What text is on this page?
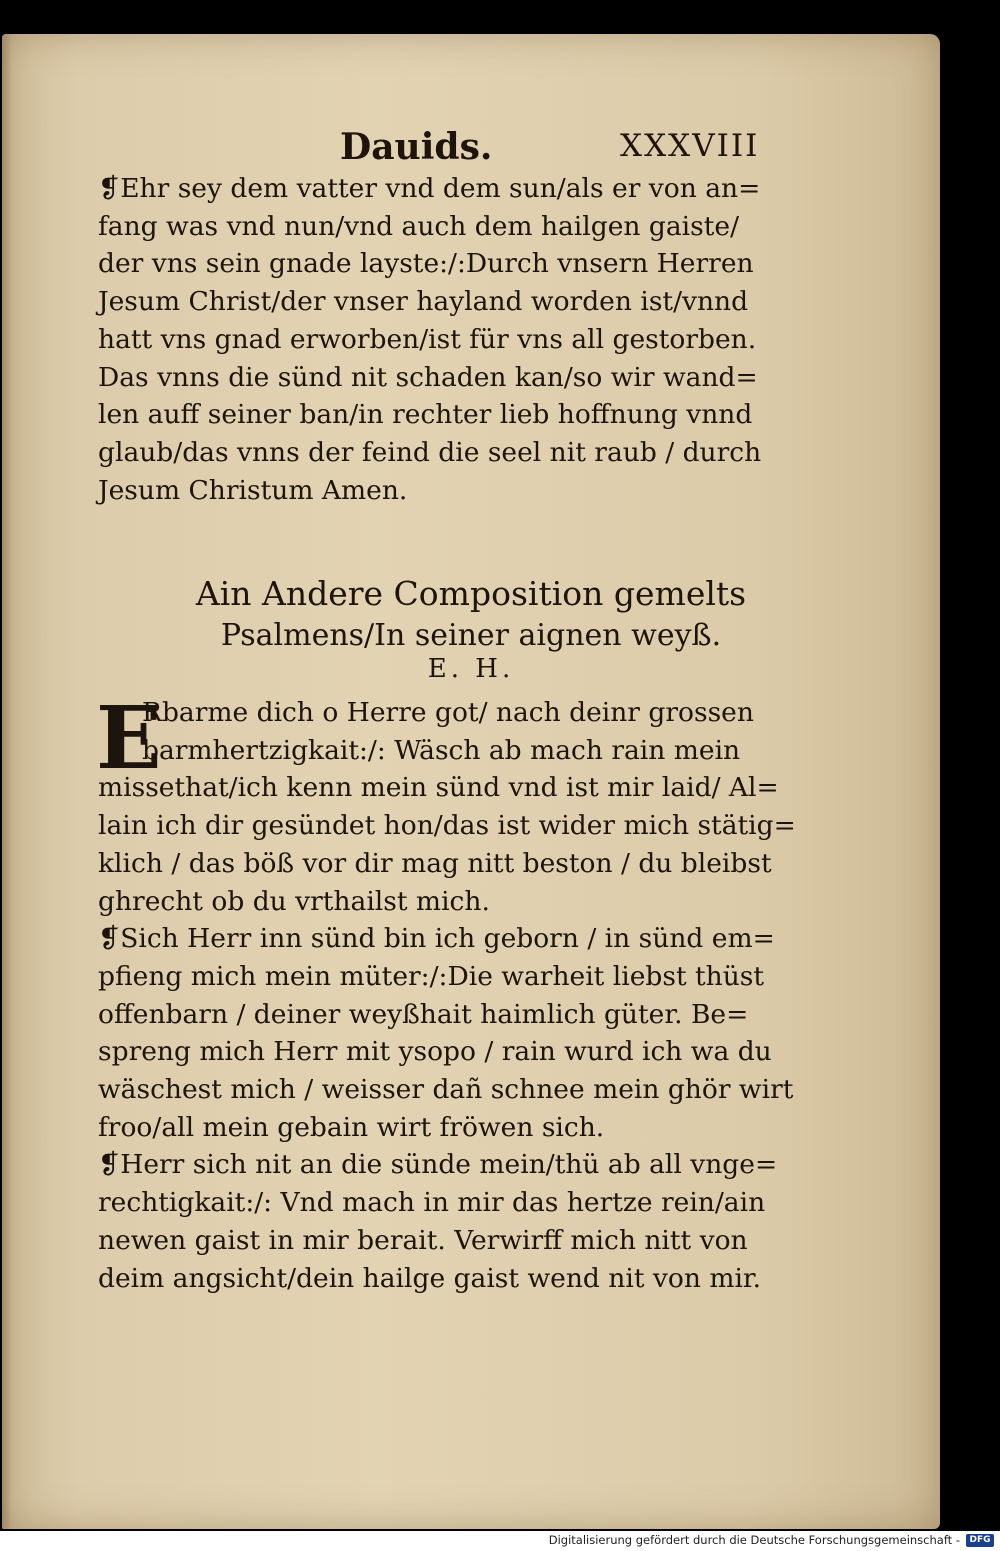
Dauids.	XXXVIII
❡Ehr sey dem vatter vnd dem sun/als er von an=
fang was vnd nun/vnd auch dem hailgen gaiste/
der vns sein gnade layste:/:Durch vnsern Herren
Jesum Christ/der vnser hayland worden ist/vnnd
hatt vns gnad erworben/ist für vns all gestorben.
Das vnns die sünd nit schaden kan/so wir wand=
len auff seiner ban/in rechter lieb hoffnung vnnd
glaub/das vnns der feind die seel nit raub / durch
Jesum Christum Amen.
Ain Andere Composition gemelts
Psalmens/In seiner aignen weyß.
E. H.
E
Rbarme dich o Herre got/ nach deinr grossen
barmhertzigkait:/: Wäsch ab mach rain mein
missethat/ich kenn mein sünd vnd ist mir laid/ Al=
lain ich dir gesündet hon/das ist wider mich stätig=
klich / das böß vor dir mag nitt beston / du bleibst
ghrecht ob du vrthailst mich.
❡Sich Herr inn sünd bin ich geborn / in sünd em=
pfieng mich mein müter:/:Die warheit liebst thüst
offenbarn / deiner weyßhait haimlich güter. Be=
spreng mich Herr mit ysopo / rain wurd ich wa du
wäschest mich / weisser dañ schnee mein ghör wirt
froo/all mein gebain wirt fröwen sich.
❡Herr sich nit an die sünde mein/thü ab all vnge=
rechtigkait:/: Vnd mach in mir das hertze rein/ain
newen gaist in mir berait. Verwirff mich nitt von
deim angsicht/dein hailge gaist wend nit von mir.
Digitalisierung gefördert durch die Deutsche Forschungsgemeinschaft -	DFG
